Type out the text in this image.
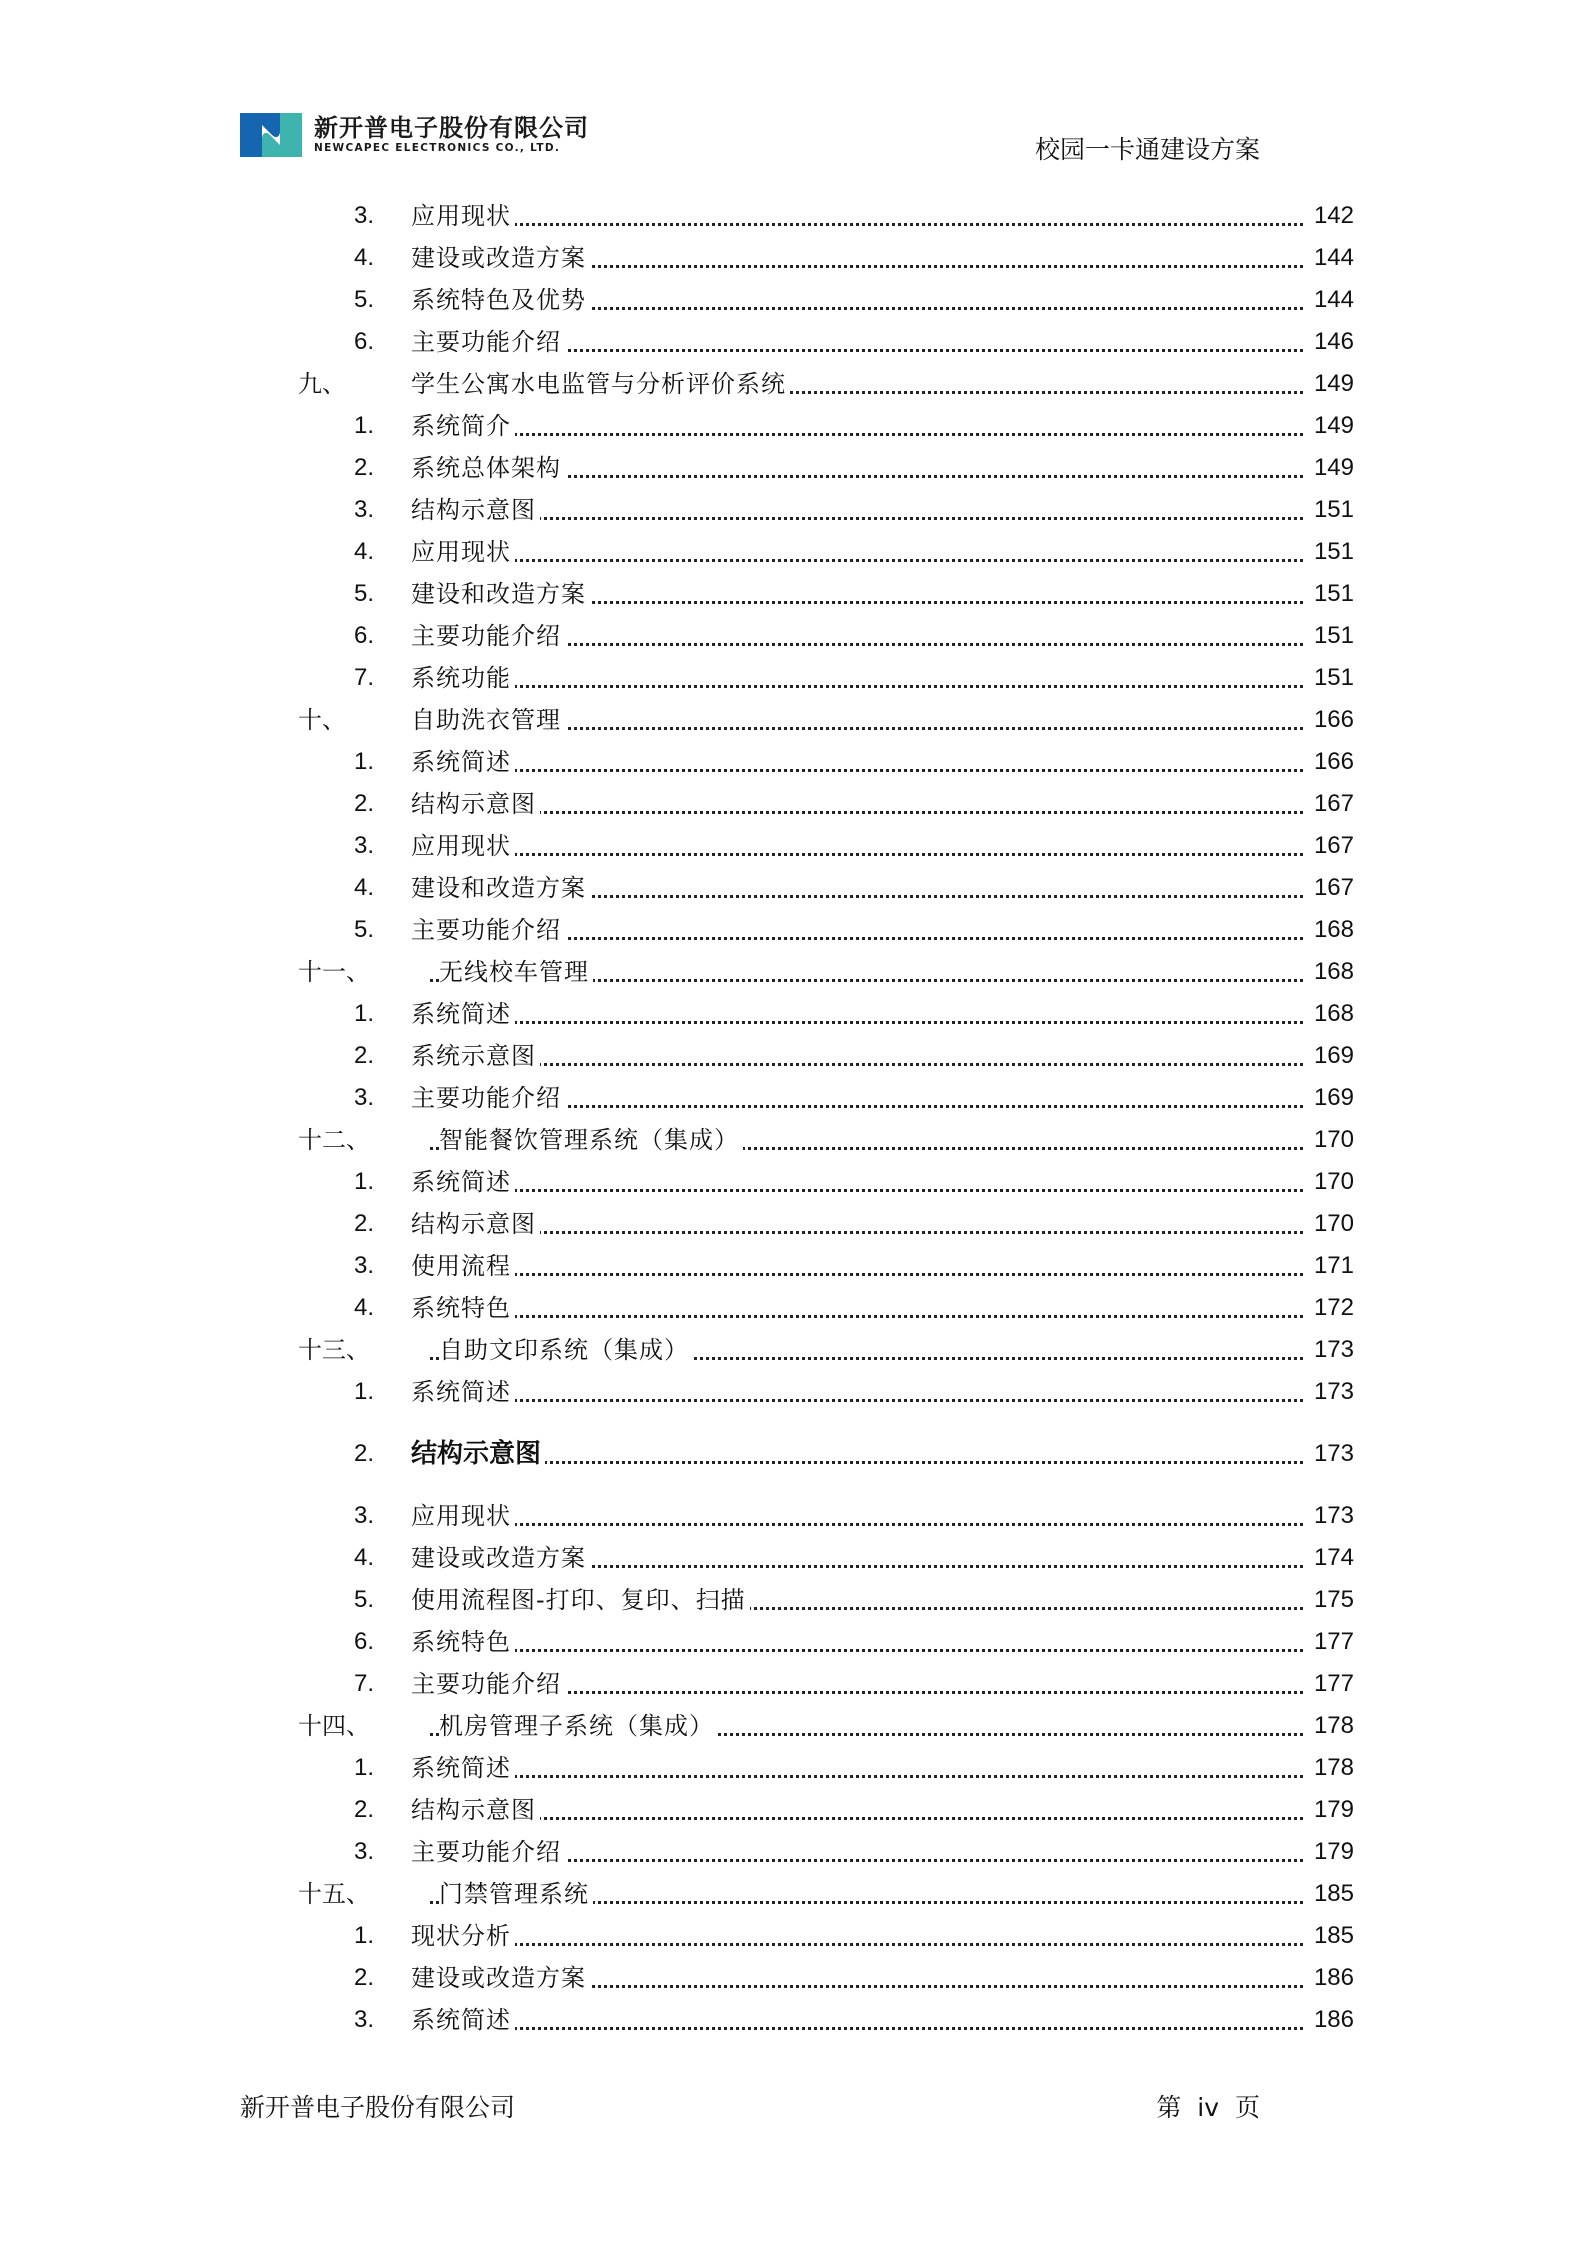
新开普电子股份有限公司
NEWCAPEC ELECTRONICS CO., LTD.	校园一卡通建设方案
3. 应用现状	142
4. 建设或改造方案	144
5. 系统特色及优势	144
6. 主要功能介绍	146
九、	学生公寓水电监管与分析评价系统	149
1. 系统简介	149
2. 系统总体架构	149
3. 结构示意图	151
4. 应用现状	151
5. 建设和改造方案	151
6. 主要功能介绍	151
7. 系统功能	151
十、	自助洗衣管理	166
1. 系统简述	166
2. 结构示意图	167
3. 应用现状	167
4. 建设和改造方案	167
5. 主要功能介绍	168
十一、	无线校车管理	168
1. 系统简述	168
2. 系统示意图	169
3. 主要功能介绍	169
十二、	智能餐饮管理系统（集成）	170
1. 系统简述	170
2. 结构示意图	170
3. 使用流程	171
4. 系统特色	172
十三、	自助文印系统（集成）	173
1. 系统简述	173
2. 结构示意图	173
3. 应用现状	173
4. 建设或改造方案	174
5. 使用流程图-打印、复印、扫描	175
6. 系统特色	177
7. 主要功能介绍	177
十四、	机房管理子系统（集成）	178
1. 系统简述	178
2. 结构示意图	179
3. 主要功能介绍	179
十五、	门禁管理系统	185
1. 现状分析	185
2. 建设或改造方案	186
3. 系统简述	186
新开普电子股份有限公司	第 iv 页
